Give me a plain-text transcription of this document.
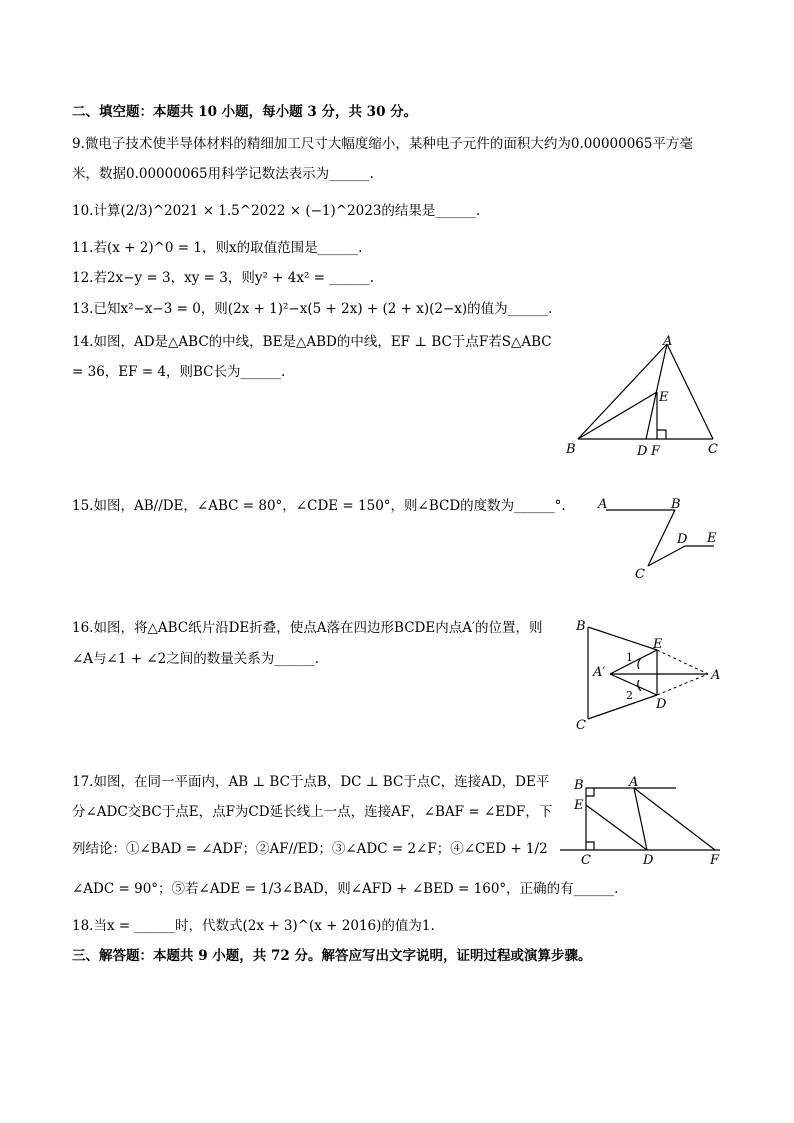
二、填空题：本题共 10 小题，每小题 3 分，共 30 分。
9.微电子技术使半导体材料的精细加工尺寸大幅度缩小，某种电子元件的面积大约为0.00000065平方毫
米，数据0.00000065用科学记数法表示为______.
10.计算(2/3)^2021 × 1.5^2022 × (−1)^2023的结果是______.
11.若(x + 2)^0 = 1，则x的取值范围是______.
12.若2x−y = 3，xy = 3，则y² + 4x² = ______.
13.已知x²−x−3 = 0，则(2x + 1)²−x(5 + 2x) + (2 + x)(2−x)的值为______.
14.如图，AD是△ABC的中线，BE是△ABD的中线，EF ⊥ BC于点F若S△ABC
= 36，EF = 4，则BC长为______.
A
B	C
D
E
F
15.如图，AB//DE，∠ABC = 80°，∠CDE = 150°，则∠BCD的度数为______°. A	B
C
D E
16.如图，将△ABC纸片沿DE折叠，使点A落在四边形BCDE内点A′的位置，则
∠A与∠1 + ∠2之间的数量关系为______.
B
C
A
A′
E
D
1
2
17.如图，在同一平面内，AB ⊥ BC于点B，DC ⊥ BC于点C，连接AD，DE平
分∠ADC交BC于点E，点F为CD延长线上一点，连接AF，∠BAF = ∠EDF，下
列结论：①∠BAD = ∠ADF；②AF//ED；③∠ADC = 2∠F；④∠CED + 1/2
∠ADC = 90°；⑤若∠ADE = 1/3∠BAD，则∠AFD + ∠BED = 160°，正确的有______.
B	A
E
C	D	F
18.当x = ______时，代数式(2x + 3)^(x + 2016)的值为1.
三、解答题：本题共 9 小题，共 72 分。解答应写出文字说明，证明过程或演算步骤。
